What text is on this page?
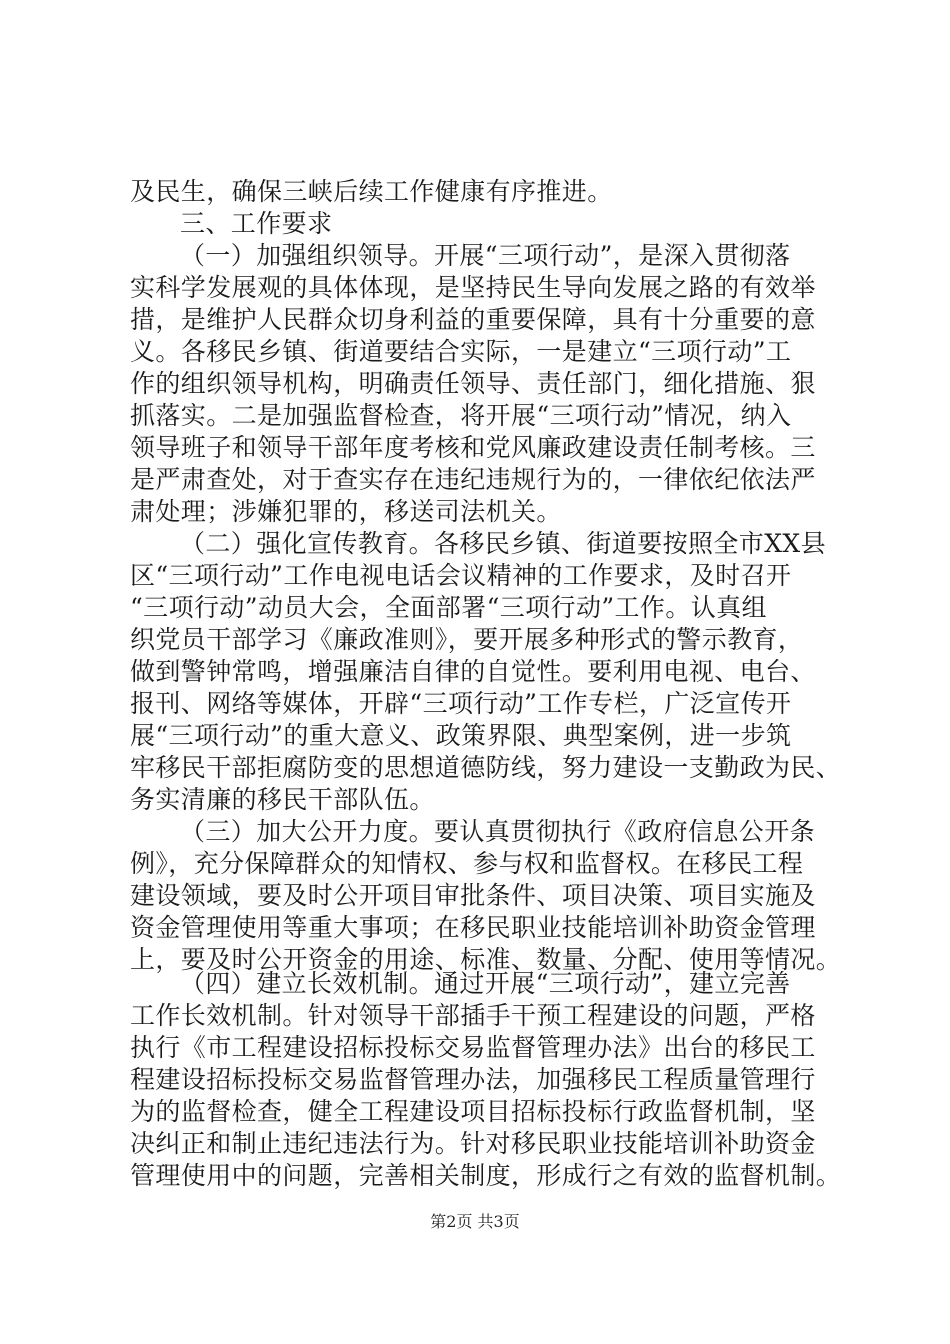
及民生，确保三峡后续工作健康有序推进。
三、工作要求
（一）加强组织领导。开展“三项行动”，是深入贯彻落
实科学发展观的具体体现，是坚持民生导向发展之路的有效举
措，是维护人民群众切身利益的重要保障，具有十分重要的意
义。各移民乡镇、街道要结合实际，一是建立“三项行动”工
作的组织领导机构，明确责任领导、责任部门，细化措施、狠
抓落实。二是加强监督检查，将开展“三项行动”情况，纳入
领导班子和领导干部年度考核和党风廉政建设责任制考核。三
是严肃查处，对于查实存在违纪违规行为的，一律依纪依法严
肃处理；涉嫌犯罪的，移送司法机关。
（二）强化宣传教育。各移民乡镇、街道要按照全市XX县
区“三项行动”工作电视电话会议精神的工作要求，及时召开
“三项行动”动员大会，全面部署“三项行动”工作。认真组
织党员干部学习《廉政准则》，要开展多种形式的警示教育，
做到警钟常鸣，增强廉洁自律的自觉性。要利用电视、电台、
报刊、网络等媒体，开辟“三项行动”工作专栏，广泛宣传开
展“三项行动”的重大意义、政策界限、典型案例，进一步筑
牢移民干部拒腐防变的思想道德防线，努力建设一支勤政为民、
务实清廉的移民干部队伍。
（三）加大公开力度。要认真贯彻执行《政府信息公开条
例》，充分保障群众的知情权、参与权和监督权。在移民工程
建设领域，要及时公开项目审批条件、项目决策、项目实施及
资金管理使用等重大事项；在移民职业技能培训补助资金管理
上，要及时公开资金的用途、标准、数量、分配、使用等情况。
（四）建立长效机制。通过开展“三项行动”，建立完善
工作长效机制。针对领导干部插手干预工程建设的问题，严格
执行《市工程建设招标投标交易监督管理办法》出台的移民工
程建设招标投标交易监督管理办法，加强移民工程质量管理行
为的监督检查，健全工程建设项目招标投标行政监督机制，坚
决纠正和制止违纪违法行为。针对移民职业技能培训补助资金
管理使用中的问题，完善相关制度，形成行之有效的监督机制。
第2页 共3页
